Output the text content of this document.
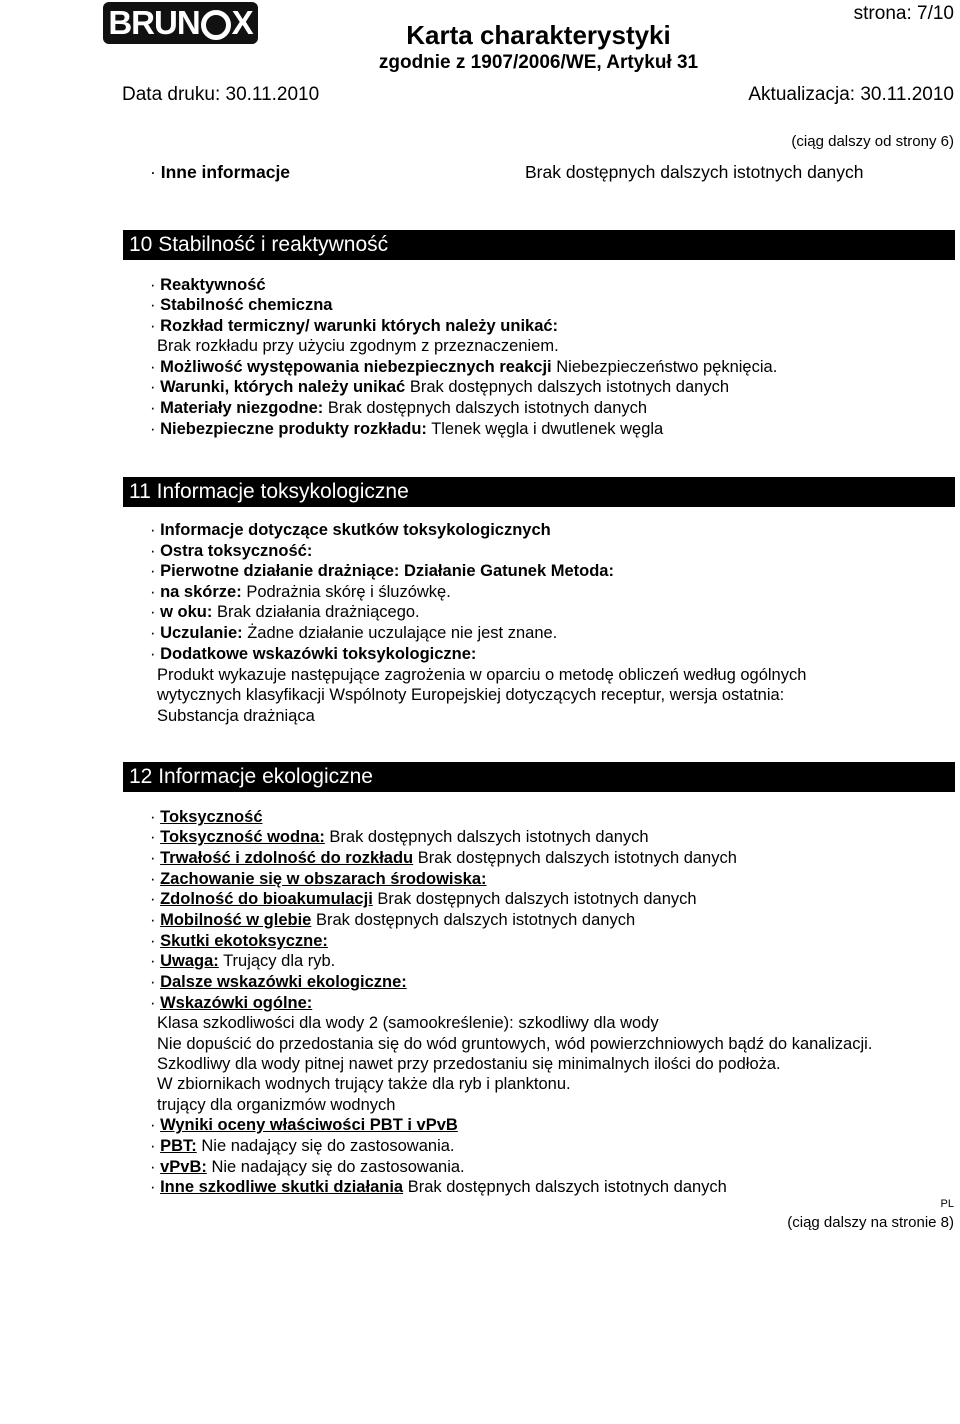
BRUN X	strona: 7/10
Karta charakterystyki
zgodnie z 1907/2006/WE, Artykuł 31
Data druku: 30.11.2010	Aktualizacja: 30.11.2010
(ciąg dalszy od strony 6)
· Inne informacje	Brak dostępnych dalszych istotnych danych
10 Stabilność i reaktywność
· Reaktywność
· Stabilność chemiczna
· Rozkład termiczny/ warunki których należy unikać:
Brak rozkładu przy użyciu zgodnym z przeznaczeniem.
· Możliwość występowania niebezpiecznych reakcji Niebezpieczeństwo pęknięcia.
· Warunki, których należy unikać Brak dostępnych dalszych istotnych danych
· Materiały niezgodne: Brak dostępnych dalszych istotnych danych
· Niebezpieczne produkty rozkładu: Tlenek węgla i dwutlenek węgla
11 Informacje toksykologiczne
· Informacje dotyczące skutków toksykologicznych
· Ostra toksyczność:
· Pierwotne działanie drażniące: Działanie Gatunek Metoda:
· na skórze: Podrażnia skórę i śluzówkę.
· w oku: Brak działania drażniącego.
· Uczulanie: Żadne działanie uczulające nie jest znane.
· Dodatkowe wskazówki toksykologiczne:
Produkt wykazuje następujące zagrożenia w oparciu o metodę obliczeń według ogólnych
wytycznych klasyfikacji Wspólnoty Europejskiej dotyczących receptur, wersja ostatnia:
Substancja drażniąca
12 Informacje ekologiczne
· Toksyczność
· Toksyczność wodna: Brak dostępnych dalszych istotnych danych
· Trwałość i zdolność do rozkładu Brak dostępnych dalszych istotnych danych
· Zachowanie się w obszarach środowiska:
· Zdolność do bioakumulacji Brak dostępnych dalszych istotnych danych
· Mobilność w glebie Brak dostępnych dalszych istotnych danych
· Skutki ekotoksyczne:
· Uwaga: Trujący dla ryb.
· Dalsze wskazówki ekologiczne:
· Wskazówki ogólne:
Klasa szkodliwości dla wody 2 (samookreślenie): szkodliwy dla wody
Nie dopuścić do przedostania się do wód gruntowych, wód powierzchniowych bądź do kanalizacji.
Szkodliwy dla wody pitnej nawet przy przedostaniu się minimalnych ilości do podłoża.
W zbiornikach wodnych trujący także dla ryb i planktonu.
trujący dla organizmów wodnych
· Wyniki oceny właściwości PBT i vPvB
· PBT: Nie nadający się do zastosowania.
· vPvB: Nie nadający się do zastosowania.
· Inne szkodliwe skutki działania Brak dostępnych dalszych istotnych danych
PL
(ciąg dalszy na stronie 8)
